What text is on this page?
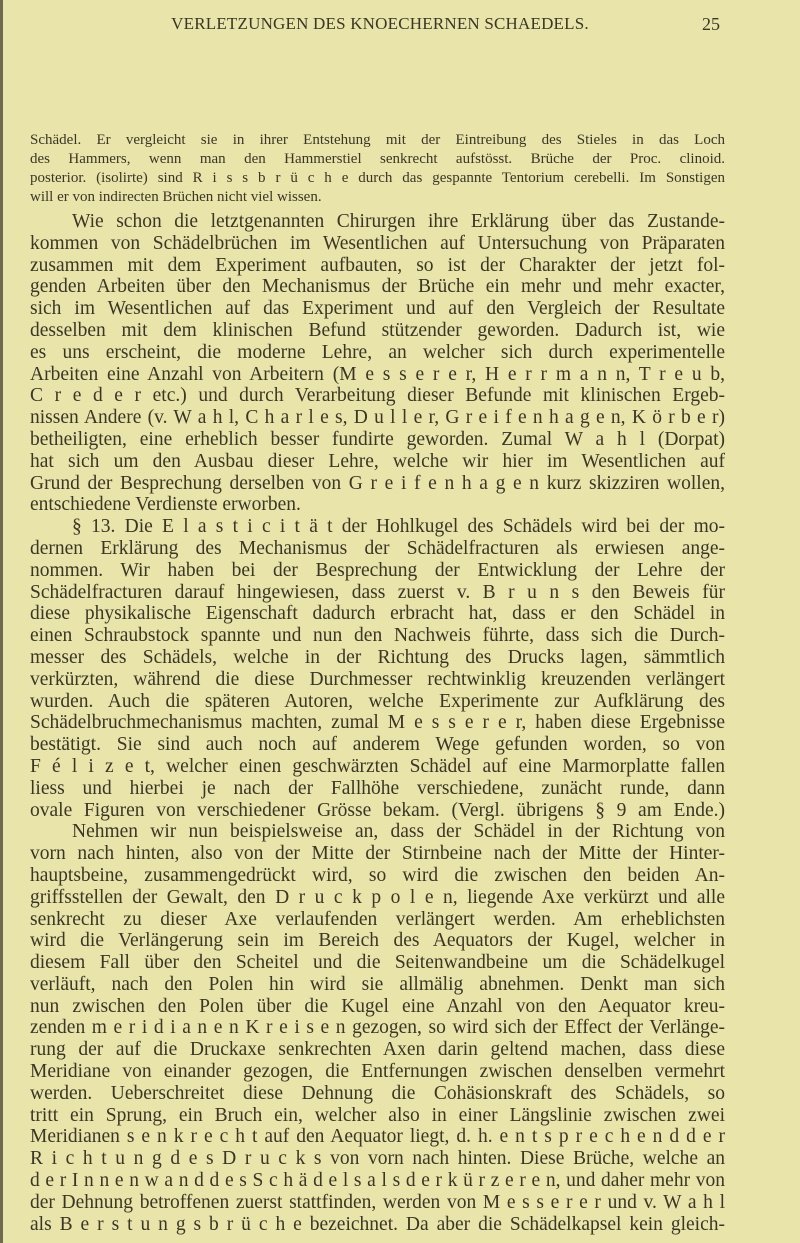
VERLETZUNGEN DES KNOECHERNEN SCHAEDELS.	25
Schädel. Er vergleicht sie in ihrer Entstehung mit der Eintreibung des Stieles in das Loch
des Hammers, wenn man den Hammerstiel senkrecht aufstösst. Brüche der Proc. clinoid.
posterior. (isolirte) sind R i s s b r ü c h e durch das gespannte Tentorium cerebelli. Im Sonstigen
will er von indirecten Brüchen nicht viel wissen.
Wie schon die letztgenannten Chirurgen ihre Erklärung über das Zustande-
kommen von Schädelbrüchen im Wesentlichen auf Untersuchung von Präparaten
zusammen mit dem Experiment aufbauten, so ist der Charakter der jetzt fol-
genden Arbeiten über den Mechanismus der Brüche ein mehr und mehr exacter,
sich im Wesentlichen auf das Experiment und auf den Vergleich der Resultate
desselben mit dem klinischen Befund stützender geworden. Dadurch ist, wie
es uns erscheint, die moderne Lehre, an welcher sich durch experimentelle
Arbeiten eine Anzahl von Arbeitern (M e s s e r e r, H e r r m a n n, T r e u b,
C r e d e r etc.) und durch Verarbeitung dieser Befunde mit klinischen Ergeb-
nissen Andere (v. W a h l, C h a r l e s, D u l l e r, G r e i f e n h a g e n, K ö r b e r)
betheiligten, eine erheblich besser fundirte geworden. Zumal W a h l (Dorpat)
hat sich um den Ausbau dieser Lehre, welche wir hier im Wesentlichen auf
Grund der Besprechung derselben von G r e i f e n h a g e n kurz skizziren wollen,
entschiedene Verdienste erworben.
§ 13. Die E l a s t i c i t ä t der Hohlkugel des Schädels wird bei der mo-
dernen Erklärung des Mechanismus der Schädelfracturen als erwiesen ange-
nommen. Wir haben bei der Besprechung der Entwicklung der Lehre der
Schädelfracturen darauf hingewiesen, dass zuerst v. B r u n s den Beweis für
diese physikalische Eigenschaft dadurch erbracht hat, dass er den Schädel in
einen Schraubstock spannte und nun den Nachweis führte, dass sich die Durch-
messer des Schädels, welche in der Richtung des Drucks lagen, sämmtlich
verkürzten, während die diese Durchmesser rechtwinklig kreuzenden verlängert
wurden. Auch die späteren Autoren, welche Experimente zur Aufklärung des
Schädelbruchmechanismus machten, zumal M e s s e r e r, haben diese Ergebnisse
bestätigt. Sie sind auch noch auf anderem Wege gefunden worden, so von
F é l i z e t, welcher einen geschwärzten Schädel auf eine Marmorplatte fallen
liess und hierbei je nach der Fallhöhe verschiedene, zunächt runde, dann
ovale Figuren von verschiedener Grösse bekam. (Vergl. übrigens § 9 am Ende.)
Nehmen wir nun beispielsweise an, dass der Schädel in der Richtung von
vorn nach hinten, also von der Mitte der Stirnbeine nach der Mitte der Hinter-
hauptsbeine, zusammengedrückt wird, so wird die zwischen den beiden An-
griffsstellen der Gewalt, den D r u c k p o l e n, liegende Axe verkürzt und alle
senkrecht zu dieser Axe verlaufenden verlängert werden. Am erheblichsten
wird die Verlängerung sein im Bereich des Aequators der Kugel, welcher in
diesem Fall über den Scheitel und die Seitenwandbeine um die Schädelkugel
verläuft, nach den Polen hin wird sie allmälig abnehmen. Denkt man sich
nun zwischen den Polen über die Kugel eine Anzahl von den Aequator kreu-
zenden m e r i d i a n e n K r e i s e n gezogen, so wird sich der Effect der Verlänge-
rung der auf die Druckaxe senkrechten Axen darin geltend machen, dass diese
Meridiane von einander gezogen, die Entfernungen zwischen denselben vermehrt
werden. Ueberschreitet diese Dehnung die Cohäsionskraft des Schädels, so
tritt ein Sprung, ein Bruch ein, welcher also in einer Längslinie zwischen zwei
Meridianen s e n k r e c h t auf den Aequator liegt, d. h. e n t s p r e c h e n d d e r
R i c h t u n g d e s D r u c k s von vorn nach hinten. Diese Brüche, welche an
d e r I n n e n w a n d d e s S c h ä d e l s a l s d e r k ü r z e r e n, und daher mehr von
der Dehnung betroffenen zuerst stattfinden, werden von M e s s e r e r und v. W a h l
als B e r s t u n g s b r ü c h e bezeichnet. Da aber die Schädelkapsel kein gleich-
